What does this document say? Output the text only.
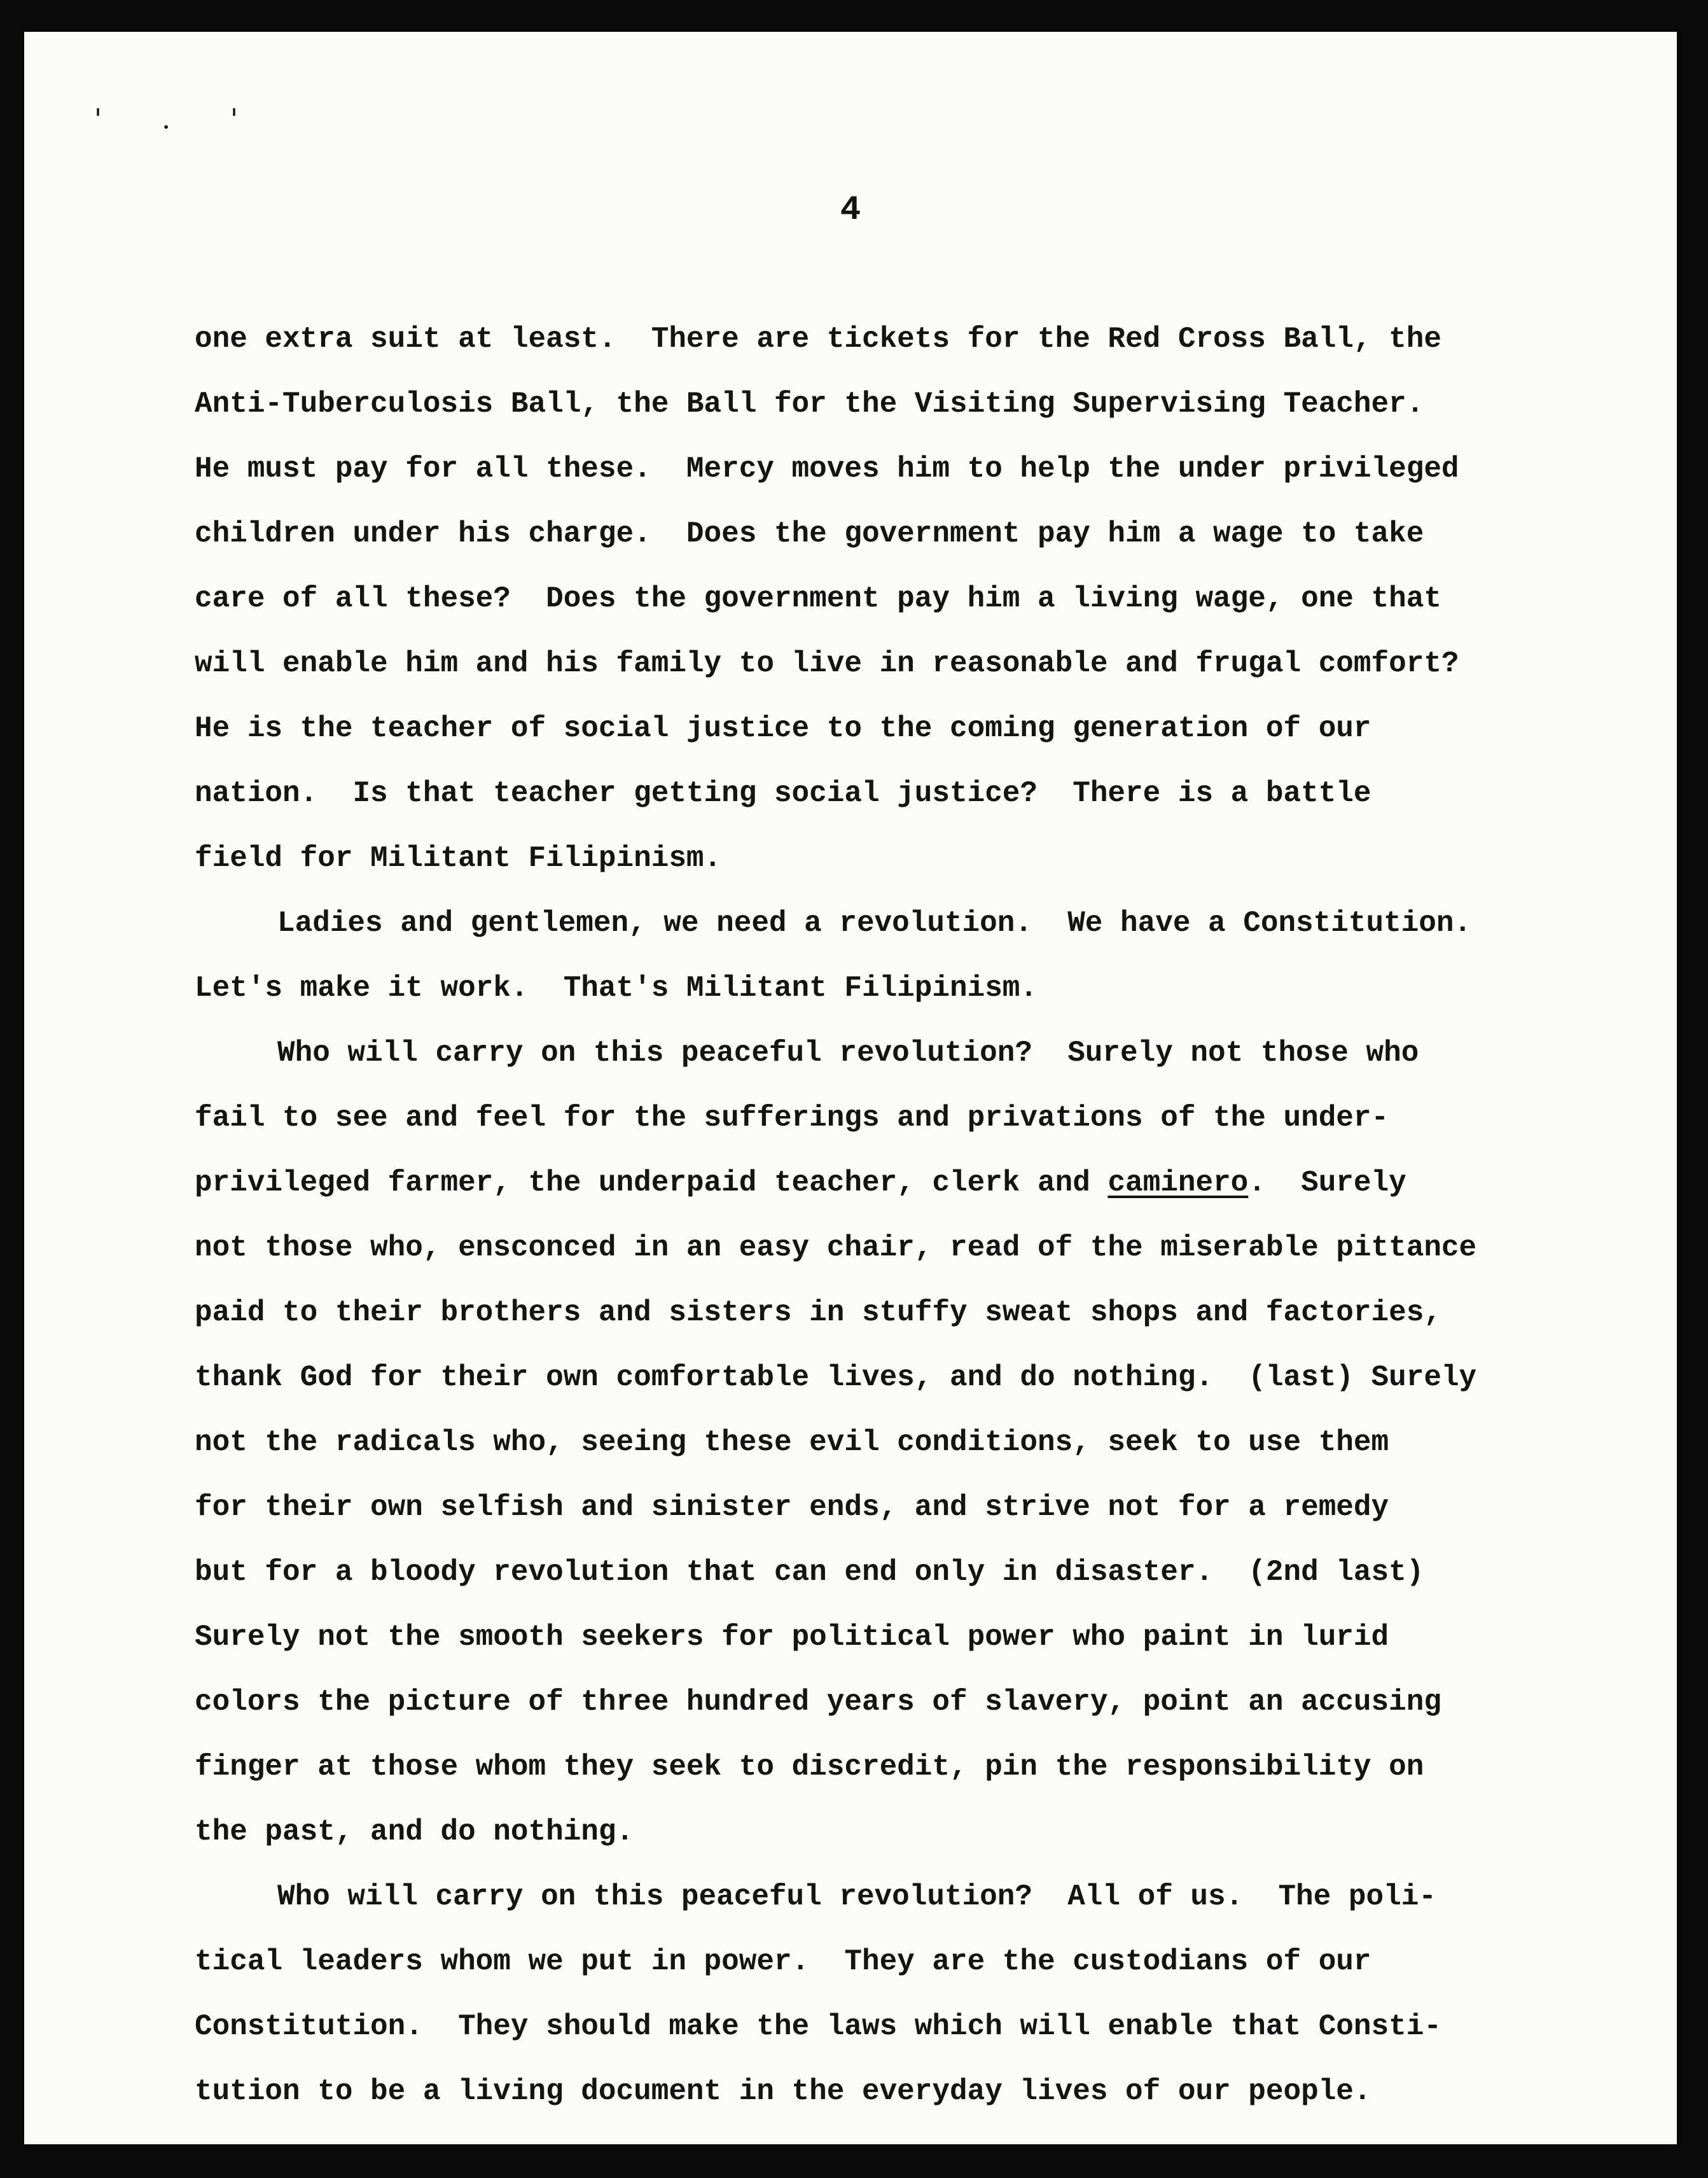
' . '
4
one extra suit at least.  There are tickets for the Red Cross Ball, the
Anti-Tuberculosis Ball, the Ball for the Visiting Supervising Teacher.
He must pay for all these.  Mercy moves him to help the under privileged
children under his charge.  Does the government pay him a wage to take
care of all these?  Does the government pay him a living wage, one that
will enable him and his family to live in reasonable and frugal comfort?
He is the teacher of social justice to the coming generation of our
nation.  Is that teacher getting social justice?  There is a battle
field for Militant Filipinism.
Ladies and gentlemen, we need a revolution.  We have a Constitution.
Let's make it work.  That's Militant Filipinism.
Who will carry on this peaceful revolution?  Surely not those who
fail to see and feel for the sufferings and privations of the under-
privileged farmer, the underpaid teacher, clerk and caminero.  Surely
not those who, ensconced in an easy chair, read of the miserable pittance
paid to their brothers and sisters in stuffy sweat shops and factories,
thank God for their own comfortable lives, and do nothing.  (last) Surely
not the radicals who, seeing these evil conditions, seek to use them
for their own selfish and sinister ends, and strive not for a remedy
but for a bloody revolution that can end only in disaster.  (2nd last)
Surely not the smooth seekers for political power who paint in lurid
colors the picture of three hundred years of slavery, point an accusing
finger at those whom they seek to discredit, pin the responsibility on
the past, and do nothing.
Who will carry on this peaceful revolution?  All of us.  The poli-
tical leaders whom we put in power.  They are the custodians of our
Constitution.  They should make the laws which will enable that Consti-
tution to be a living document in the everyday lives of our people.
